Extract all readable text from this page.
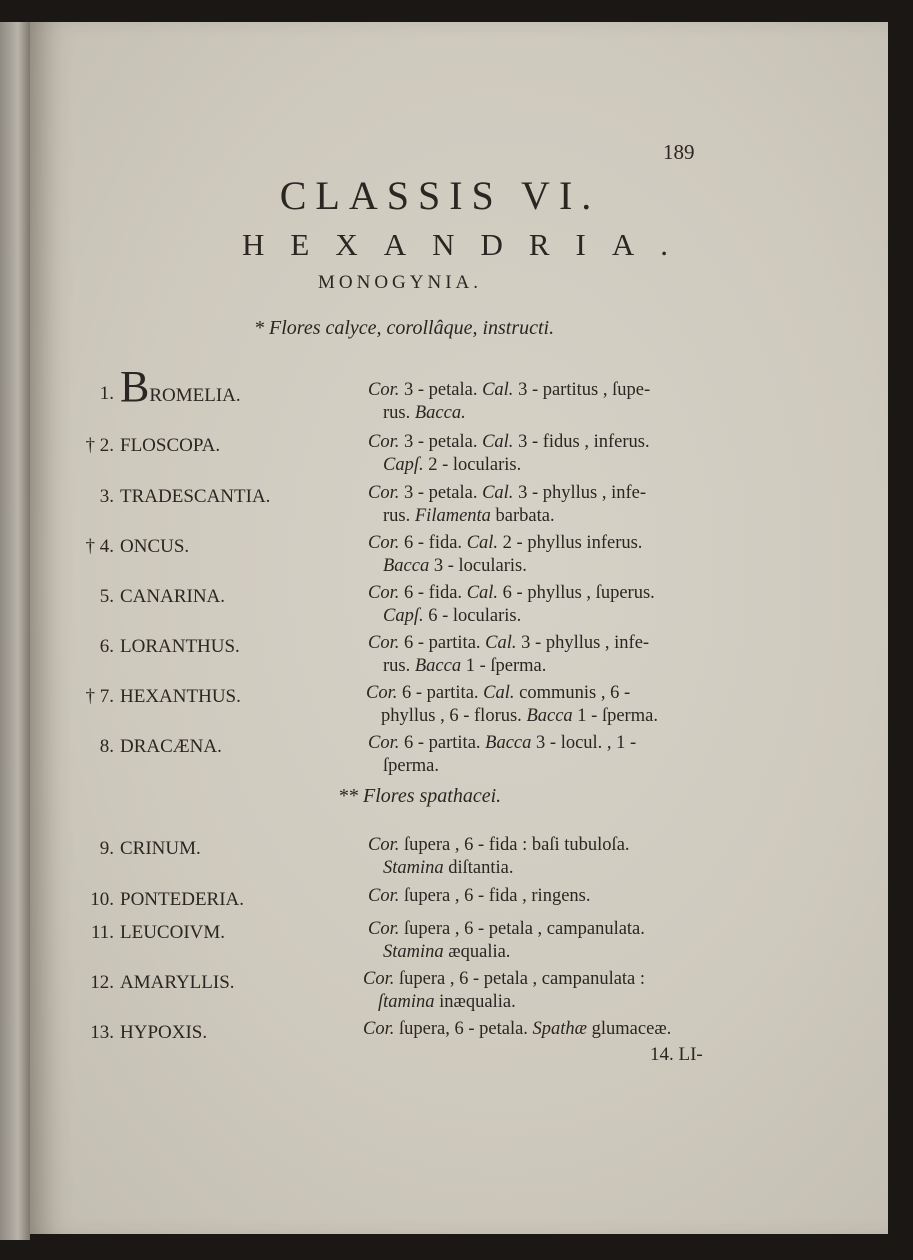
189
CLASSIS VI.
HEXANDRIA.
MONOGYNIA.
* Flores calyce, corollâque, instructi.
** Flores spathacei.
1. BROMELIA.	Cor. 3 - petala. Cal. 3 - partitus , ſupe-
rus. Bacca.
† 2. FLOSCOPA.	Cor. 3 - petala. Cal. 3 - fidus , inferus.
Capſ. 2 - locularis.
3. TRADESCANTIA.	Cor. 3 - petala. Cal. 3 - phyllus , infe-
rus. Filamenta barbata.
† 4. ONCUS.	Cor. 6 - fida. Cal. 2 - phyllus inferus.
Bacca 3 - locularis.
5. CANARINA.	Cor. 6 - fida. Cal. 6 - phyllus , ſuperus.
Capſ. 6 - locularis.
6. LORANTHUS.	Cor. 6 - partita. Cal. 3 - phyllus , infe-
rus. Bacca 1 - ſperma.
† 7. HEXANTHUS.	Cor. 6 - partita. Cal. communis , 6 -
phyllus , 6 - florus. Bacca 1 - ſperma.
8. DRACÆNA.	Cor. 6 - partita. Bacca 3 - locul. , 1 -
ſperma.
9. CRINUM.	Cor. ſupera , 6 - fida : baſi tubuloſa.
Stamina diſtantia.
10. PONTEDERIA.	Cor. ſupera , 6 - fida , ringens.
11. LEUCOIVM.	Cor. ſupera , 6 - petala , campanulata.
Stamina æqualia.
12. AMARYLLIS.	Cor. ſupera , 6 - petala , campanulata :
ſtamina inæqualia.
13. HYPOXIS.	Cor. ſupera, 6 - petala. Spathæ glumaceæ.
14. LI-
